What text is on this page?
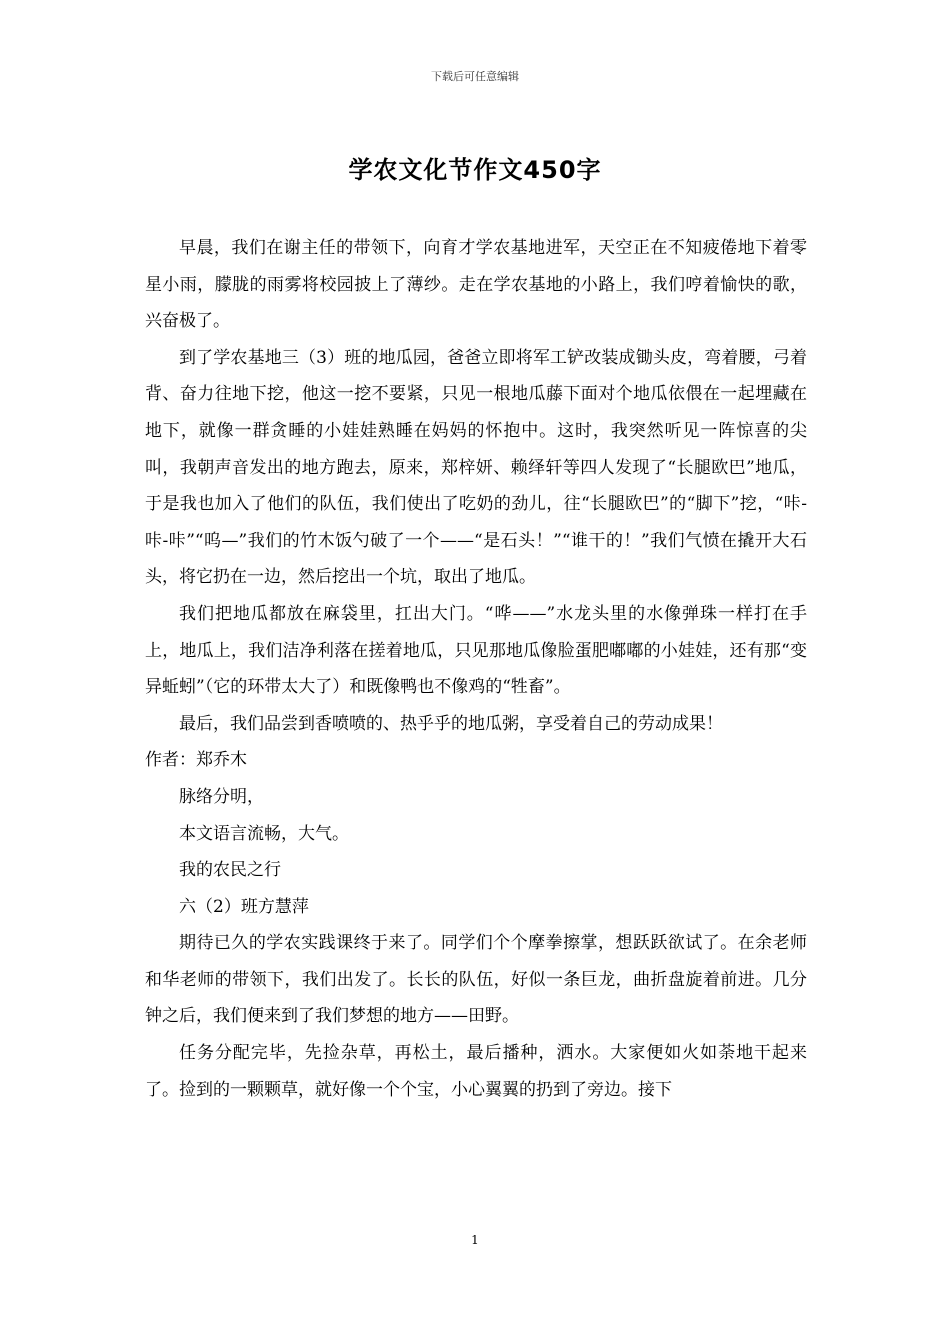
下载后可任意编辑
学农文化节作文450字

早晨，我们在谢主任的带领下，向育才学农基地进军，天空正在不知疲倦地下着零星小雨，朦胧的雨雾将校园披上了薄纱。走在学农基地的小路上，我们哼着愉快的歌，兴奋极了。

到了学农基地三（3）班的地瓜园，爸爸立即将军工铲改装成锄头皮，弯着腰，弓着背、奋力往地下挖，他这一挖不要紧，只见一根地瓜藤下面对个地瓜依偎在一起埋藏在地下，就像一群贪睡的小娃娃熟睡在妈妈的怀抱中。这时，我突然听见一阵惊喜的尖叫，我朝声音发出的地方跑去，原来，郑梓妍、赖绎轩等四人发现了“长腿欧巴”地瓜，于是我也加入了他们的队伍，我们使出了吃奶的劲儿，往“长腿欧巴”的“脚下”挖，“咔-咔-咔”“呜—”我们的竹木饭勺破了一个——“是石头！”“谁干的！”我们气愤在撬开大石头，将它扔在一边，然后挖出一个坑，取出了地瓜。

我们把地瓜都放在麻袋里，扛出大门。“哗——”水龙头里的水像弹珠一样打在手上，地瓜上，我们洁净利落在搓着地瓜，只见那地瓜像脸蛋肥嘟嘟的小娃娃，还有那“变异蚯蚓”（它的环带太大了）和既像鸭也不像鸡的“牲畜”。

最后，我们品尝到香喷喷的、热乎乎的地瓜粥，享受着自己的劳动成果！

作者：郑乔木

脉络分明，

本文语言流畅，大气。

我的农民之行

六（2）班方慧萍

期待已久的学农实践课终于来了。同学们个个摩拳擦掌，想跃跃欲试了。在余老师和华老师的带领下，我们出发了。长长的队伍，好似一条巨龙，曲折盘旋着前进。几分钟之后，我们便来到了我们梦想的地方——田野。

任务分配完毕，先捡杂草，再松土，最后播种，洒水。大家便如火如荼地干起来了。捡到的一颗颗草，就好像一个个宝，小心翼翼的扔到了旁边。接下

1
